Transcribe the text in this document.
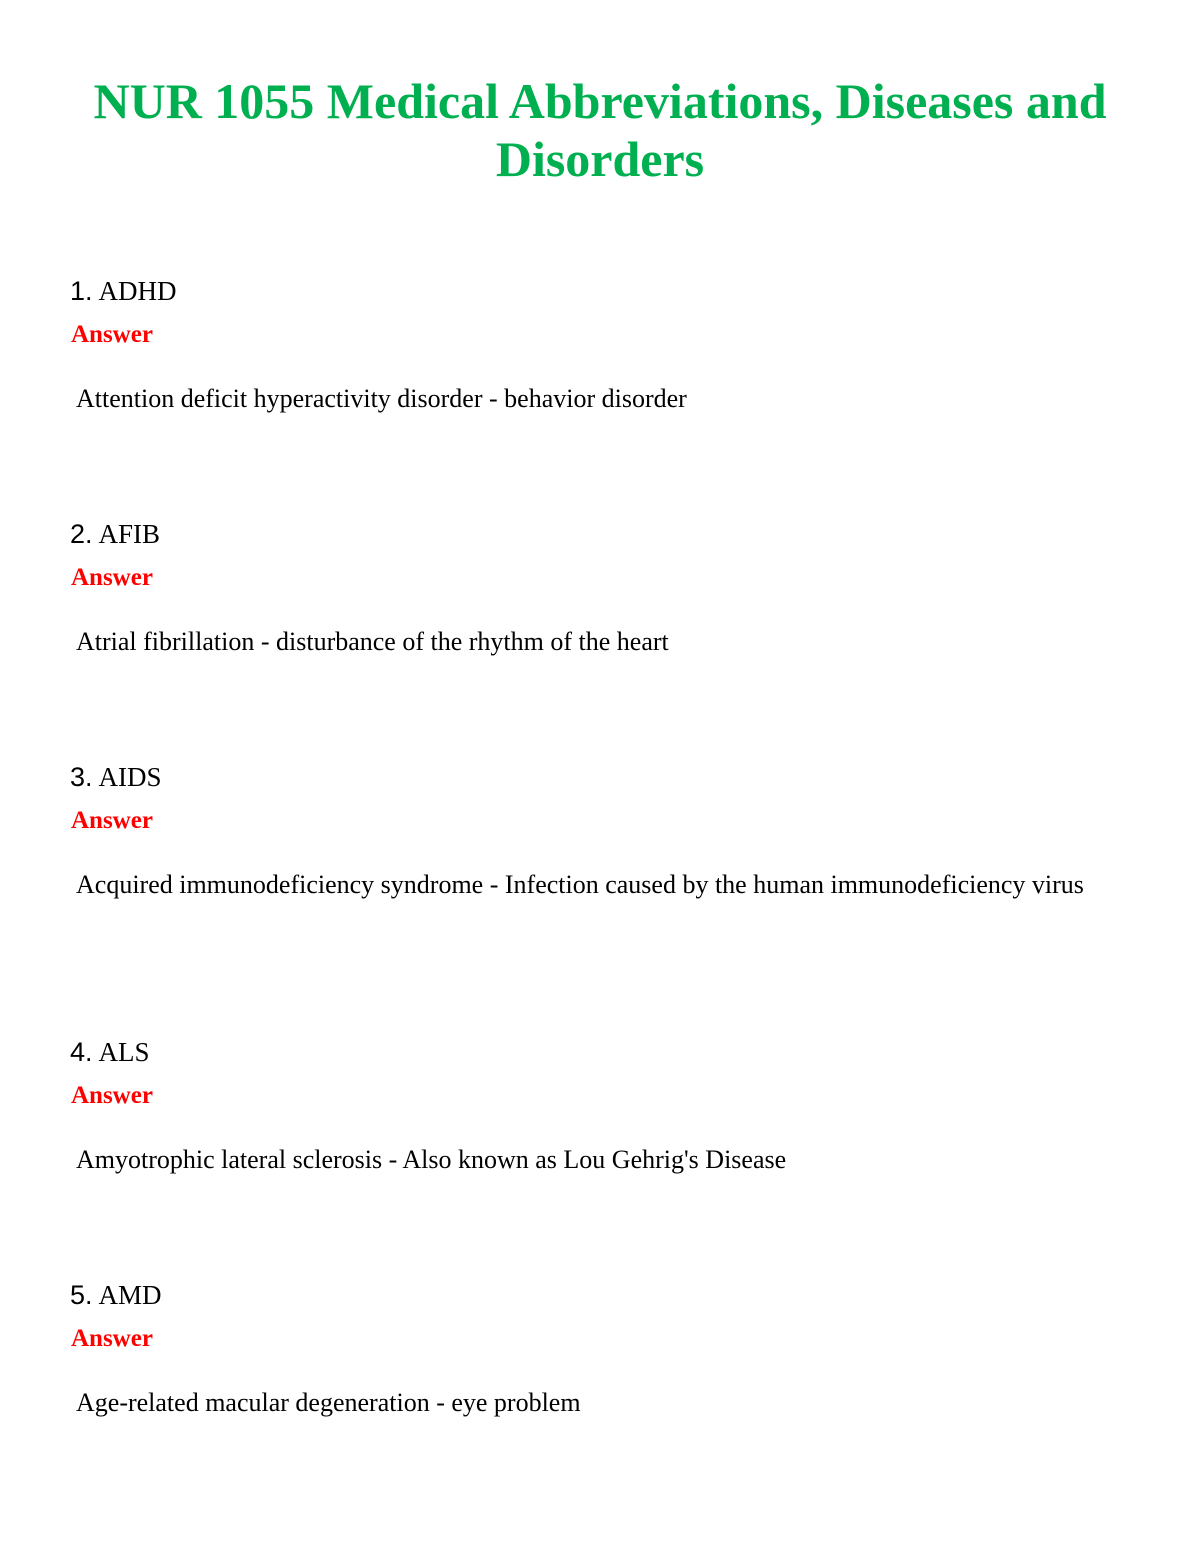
NUR 1055 Medical Abbreviations, Diseases and Disorders
1. ADHD
Answer
Attention deficit hyperactivity disorder - behavior disorder
2. AFIB
Answer
Atrial fibrillation - disturbance of the rhythm of the heart
3. AIDS
Answer
Acquired immunodeficiency syndrome - Infection caused by the human immunodeficiency virus
4. ALS
Answer
Amyotrophic lateral sclerosis - Also known as Lou Gehrig's Disease
5. AMD
Answer
Age-related macular degeneration - eye problem
